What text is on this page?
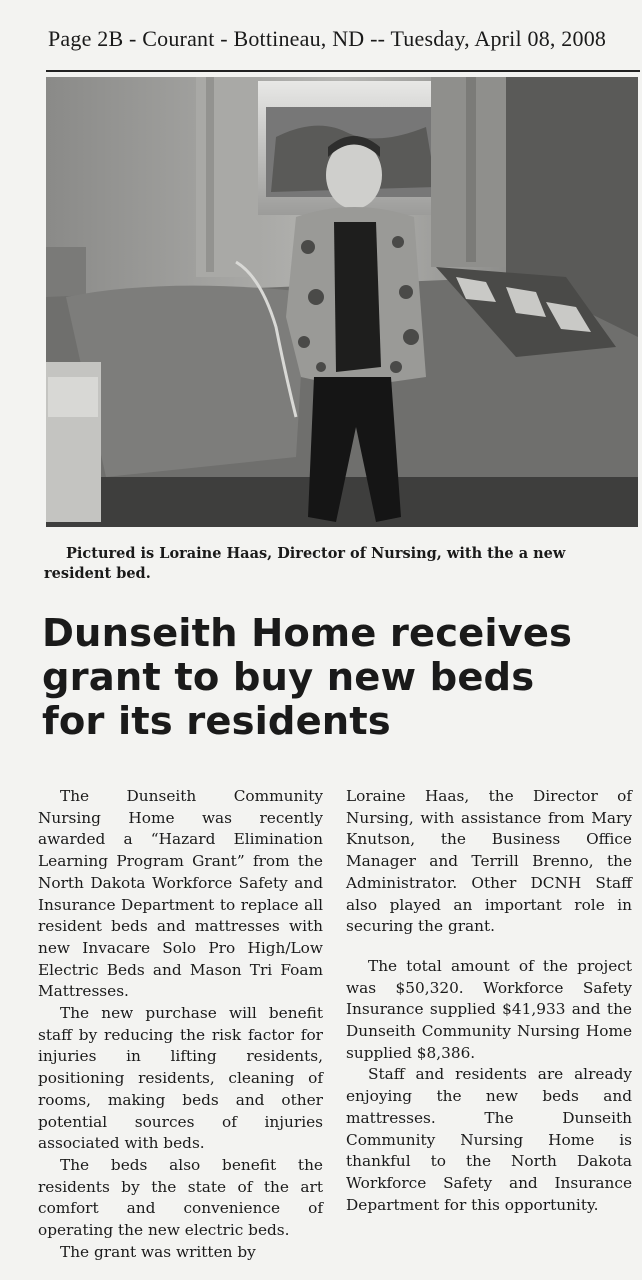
Page 2B - Courant - Bottineau, ND -- Tuesday, April 08, 2008
Pictured is Loraine Haas, Director of Nursing, with the a new
resident bed.
Dunseith Home receives
grant to buy new beds
for its residents

The Dunseith Community Nursing Home was recently awarded a “Hazard Elimination Learning Program Grant” from the North Dakota Workforce Safety and Insurance Department to replace all resident beds and mattresses with new Invacare Solo Pro High/Low Electric Beds and Mason Tri Foam Mattresses.

The new purchase will benefit staff by reducing the risk factor for injuries in lifting residents, positioning residents, cleaning of rooms, making beds and other potential sources of injuries associated with beds.

The beds also benefit the residents by the state of the art comfort and convenience of operating the new electric beds.

The grant was written by

Loraine Haas, the Director of Nursing, with assistance from Mary Knutson, the Business Office Manager and Terrill Brenno, the Administrator. Other DCNH Staff also played an important role in securing the grant.

The total amount of the project was $50,320. Workforce Safety Insurance supplied $41,933 and the Dunseith Community Nursing Home supplied $8,386.

Staff and residents are already enjoying the new beds and mattresses. The Dunseith Community Nursing Home is thankful to the North Dakota Workforce Safety and Insurance Department for this opportunity.
